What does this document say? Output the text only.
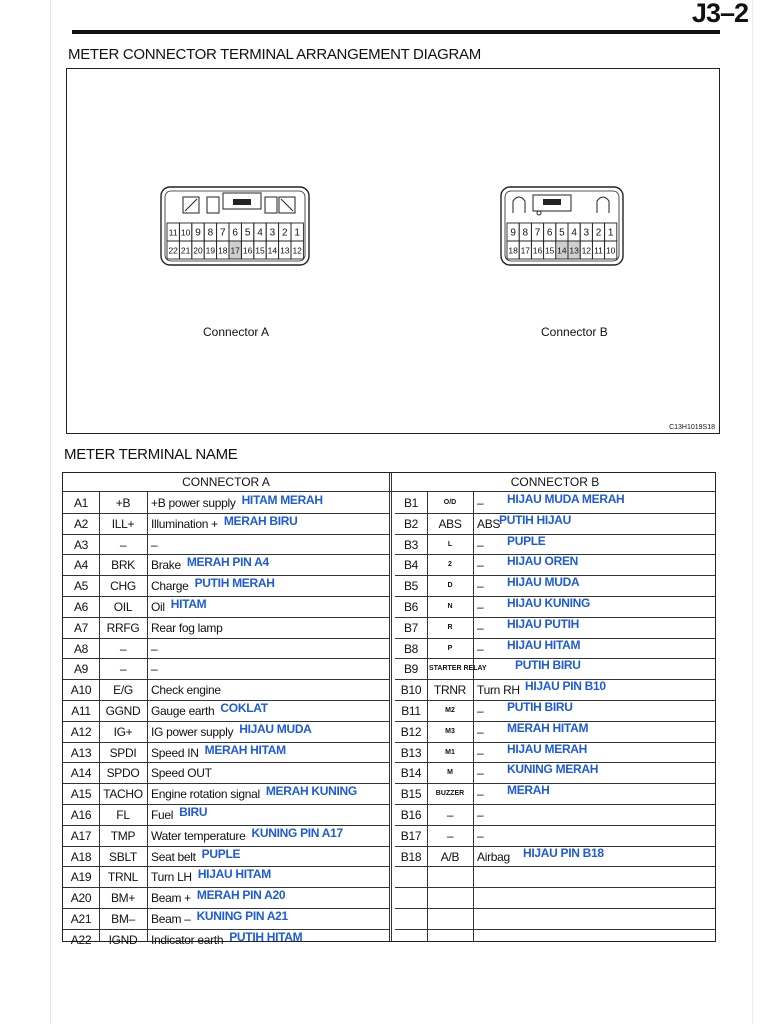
J3–2
METER CONNECTOR TERMINAL ARRANGEMENT DIAGRAM
11 10 9 8 7 6 5 4 3 2 1
22 21 20 19 18 17 16 15 14 13 12
9 8 7 6 5 4 3 2 1
18 17 16 15 14 13 12 11 10
Connector A	Connector B
C13H1019S18
METER TERMINAL NAME
CONNECTOR A	CONNECTOR B
A1	+B	+B power supply HITAM MERAH
A2	ILL+	Illumination + MERAH BIRU
A3	–	–
A4	BRK	Brake MERAH PIN A4
A5	CHG	Charge PUTIH MERAH
A6	OIL	Oil HITAM
A7	RRFG Rear fog lamp
A8	–	–
A9	–	–
A10	E/G	Check engine
A11	GGND Gauge earth COKLAT
A12	IG+	IG power supply HIJAU MUDA
A13	SPDI	Speed IN MERAH HITAM
A14	SPDO Speed OUT
A15 TACHO Engine rotation signal MERAH KUNING
A16	FL	Fuel BIRU
A17	TMP	Water temperature KUNING PIN A17
A18	SBLT	Seat belt PUPLE
A19	TRNL	Turn LH HIJAU HITAM
A20	BM+	Beam + MERAH PIN A20
A21	BM–	Beam – KUNING PIN A21
A22	IGND	Indicator earth PUTIH HITAM
B1	O/D	– HIJAU MUDA MERAH
B2	ABS	ABS
PUTIH HIJAU
B3	L	– PUPLE
B4	2	– HIJAU OREN
B5	D	– HIJAU MUDA
B6	N	– HIJAU KUNING
B7	R	– HIJAU PUTIH
B8	P	– HIJAU HITAM
B9	STARTER RELAY	PUTIH BIRU
B10	TRNR Turn RH HIJAU PIN B10
B11	M2	– PUTIH BIRU
B12	M3	– MERAH HITAM
B13	M1	– HIJAU MERAH
B14	M	– KUNING MERAH
B15	BUZZER	– MERAH
B16	–	–
B17	–	–
B18	A/B	Airbag HIJAU PIN B18
